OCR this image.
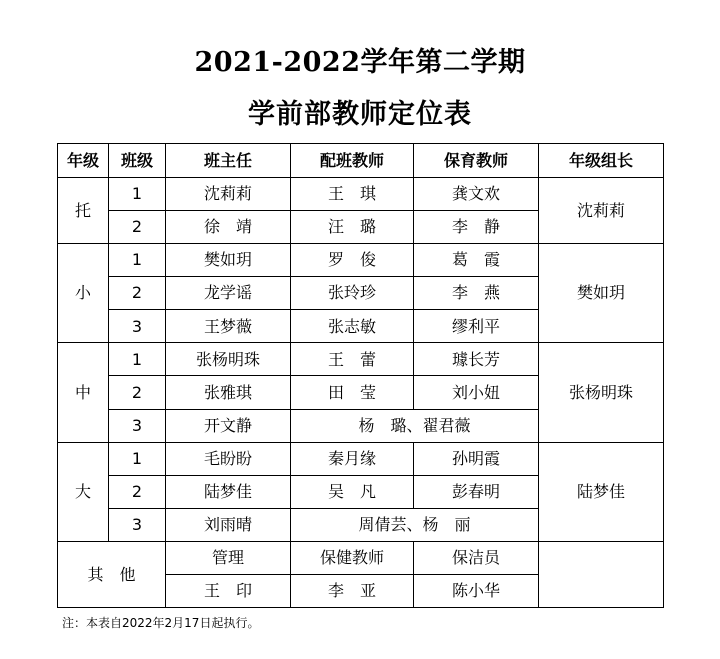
2021-2022学年第二学期
学前部教师定位表
年级	班级	班主任	配班教师	保育教师	年级组长
托	1	沈莉莉	王　琪	龚文欢	沈莉莉
	2	徐　靖	汪　璐	李　静	
小	1	樊如玥	罗　俊	葛　霞	樊如玥
	2	龙学谣	张玲珍	李　燕	
	3	王梦薇	张志敏	缪利平	
中	1	张杨明珠	王　蕾	璩长芳	张杨明珠
	2	张雅琪	田　莹	刘小妞	
	3	开文静	杨　璐、翟君薇		
大	1	毛盼盼	秦月缘	孙明霞	陆梦佳
	2	陆梦佳	吴　凡	彭春明	
	3	刘雨晴	周倩芸、杨　丽		
其　他		管理	保健教师	保洁员	
		王　印	李　亚	陈小华	
注：本表自2022年2月17日起执行。
